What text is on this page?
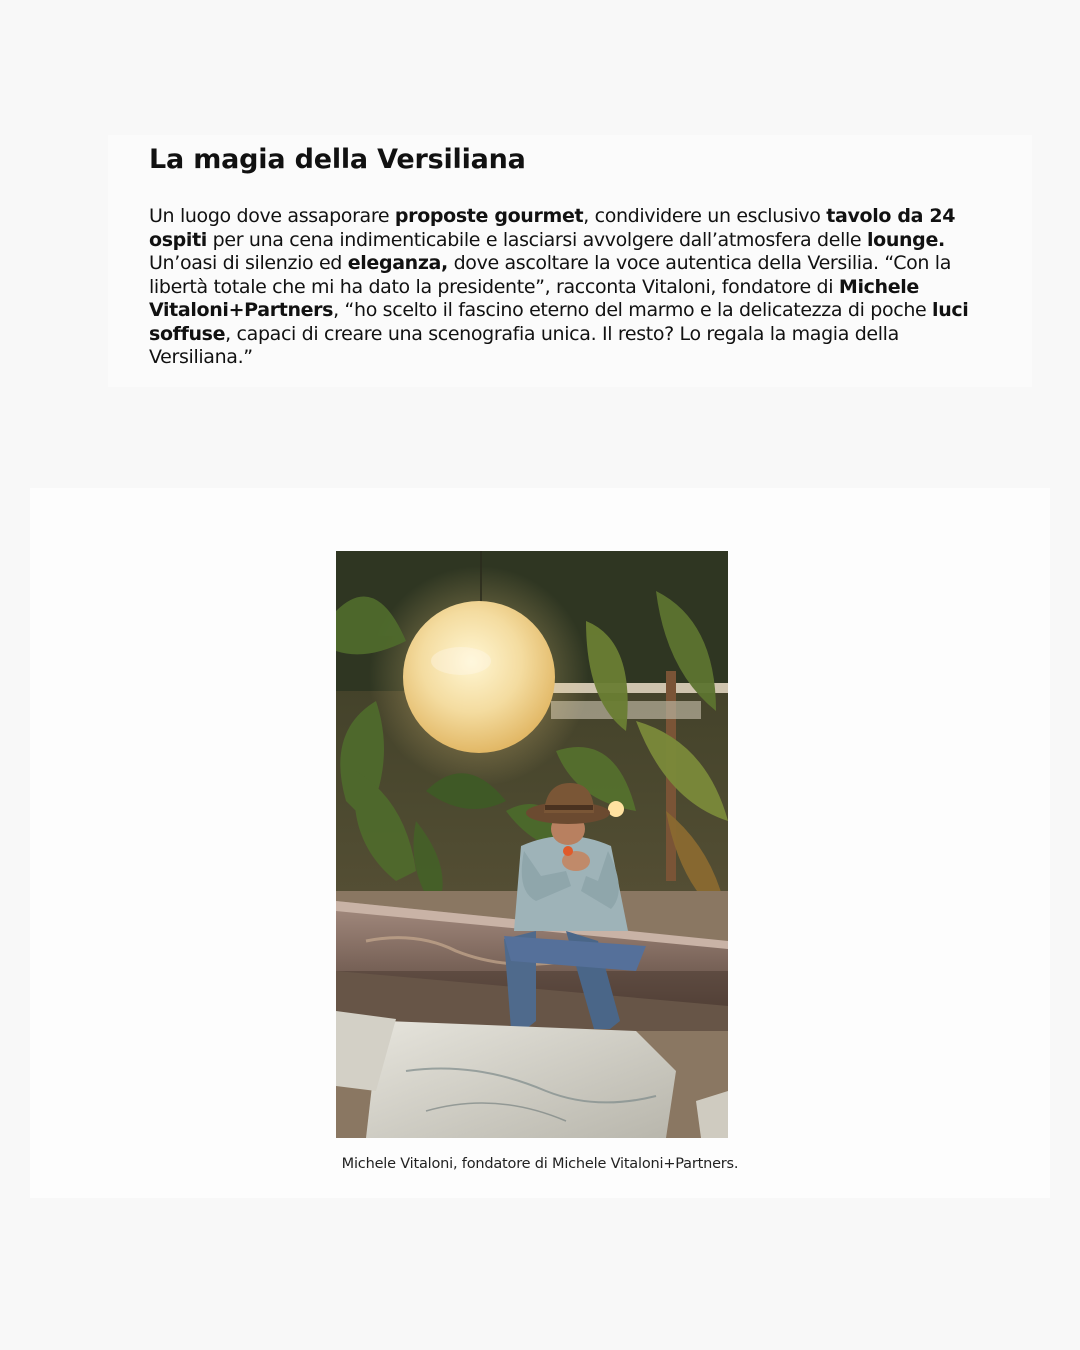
La magia della Versiliana

Un luogo dove assaporare proposte gourmet, condividere un esclusivo tavolo da 24 ospiti per una cena indimenticabile e lasciarsi avvolgere dall’atmosfera delle lounge. Un’oasi di silenzio ed eleganza, dove ascoltare la voce autentica della Versilia. “Con la libertà totale che mi ha dato la presidente”, racconta Vitaloni, fondatore di Michele Vitaloni+Partners, “ho scelto il fascino eterno del marmo e la delicatezza di poche luci soffuse, capaci di creare una scenografia unica. Il resto? Lo regala la magia della Versiliana.”

Michele Vitaloni, fondatore di Michele Vitaloni+Partners.
